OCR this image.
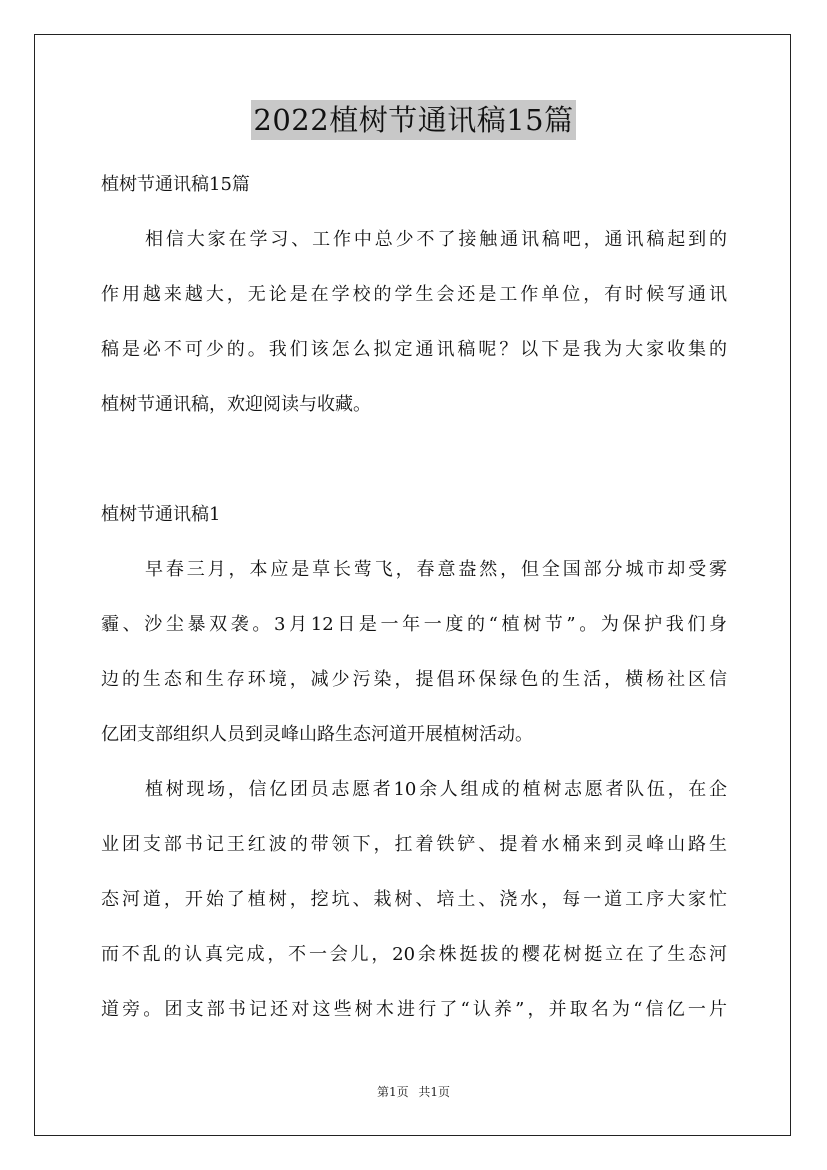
2022植树节通讯稿15篇
植树节通讯稿15篇
相信大家在学习、工作中总少不了接触通讯稿吧，通讯稿起到的
作用越来越大，无论是在学校的学生会还是工作单位，有时候写通讯
稿是必不可少的。我们该怎么拟定通讯稿呢？以下是我为大家收集的
植树节通讯稿，欢迎阅读与收藏。
植树节通讯稿1
早春三月，本应是草长莺飞，春意盎然，但全国部分城市却受雾
霾、沙尘暴双袭。3月12日是一年一度的“植树节”。为保护我们身
边的生态和生存环境，减少污染，提倡环保绿色的生活，横杨社区信
亿团支部组织人员到灵峰山路生态河道开展植树活动。
植树现场，信亿团员志愿者10余人组成的植树志愿者队伍，在企
业团支部书记王红波的带领下，扛着铁铲、提着水桶来到灵峰山路生
态河道，开始了植树，挖坑、栽树、培土、浇水，每一道工序大家忙
而不乱的认真完成，不一会儿，20余株挺拔的樱花树挺立在了生态河
道旁。团支部书记还对这些树木进行了“认养”，并取名为“信亿一片
第1页 共1页
